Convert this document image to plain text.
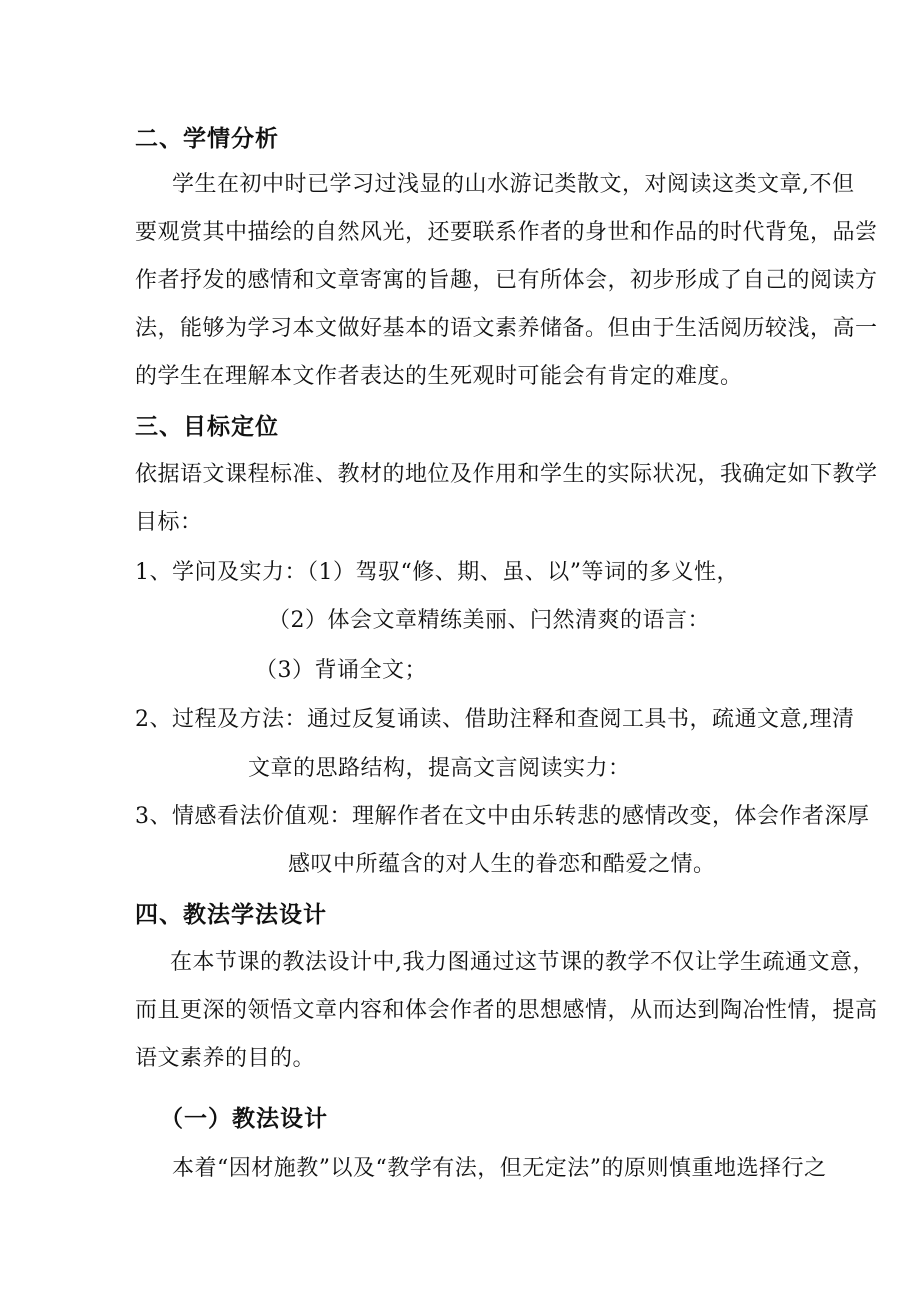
二、学情分析
学生在初中时已学习过浅显的山水游记类散文，对阅读这类文章,不但
要观赏其中描绘的自然风光，还要联系作者的身世和作品的时代背兔，品尝
作者抒发的感情和文章寄寓的旨趣，已有所体会，初步形成了自己的阅读方
法，能够为学习本文做好基本的语文素养储备。但由于生活阅历较浅，高一
的学生在理解本文作者表达的生死观时可能会有肯定的难度。
三、目标定位
依据语文课程标准、教材的地位及作用和学生的实际状况，我确定如下教学
目标：
1、学问及实力：（1）驾驭“修、期、虽、以”等词的多义性，
（2）体会文章精练美丽、闩然清爽的语言：
（3）背诵全文；
2、过程及方法：通过反复诵读、借助注释和查阅工具书，疏通文意,理清
文章的思路结构，提高文言阅读实力：
3、情感看法价值观：理解作者在文中由乐转悲的感情改变，体会作者深厚
感叹中所蕴含的对人生的眷恋和酷爱之情。
四、教法学法设计
在本节课的教法设计中,我力图通过这节课的教学不仅让学生疏通文意，
而且更深的领悟文章内容和体会作者的思想感情，从而达到陶冶性情，提高
语文素养的目的。
（一）教法设计
本着“因材施教”以及“教学有法，但无定法”的原则慎重地选择行之
